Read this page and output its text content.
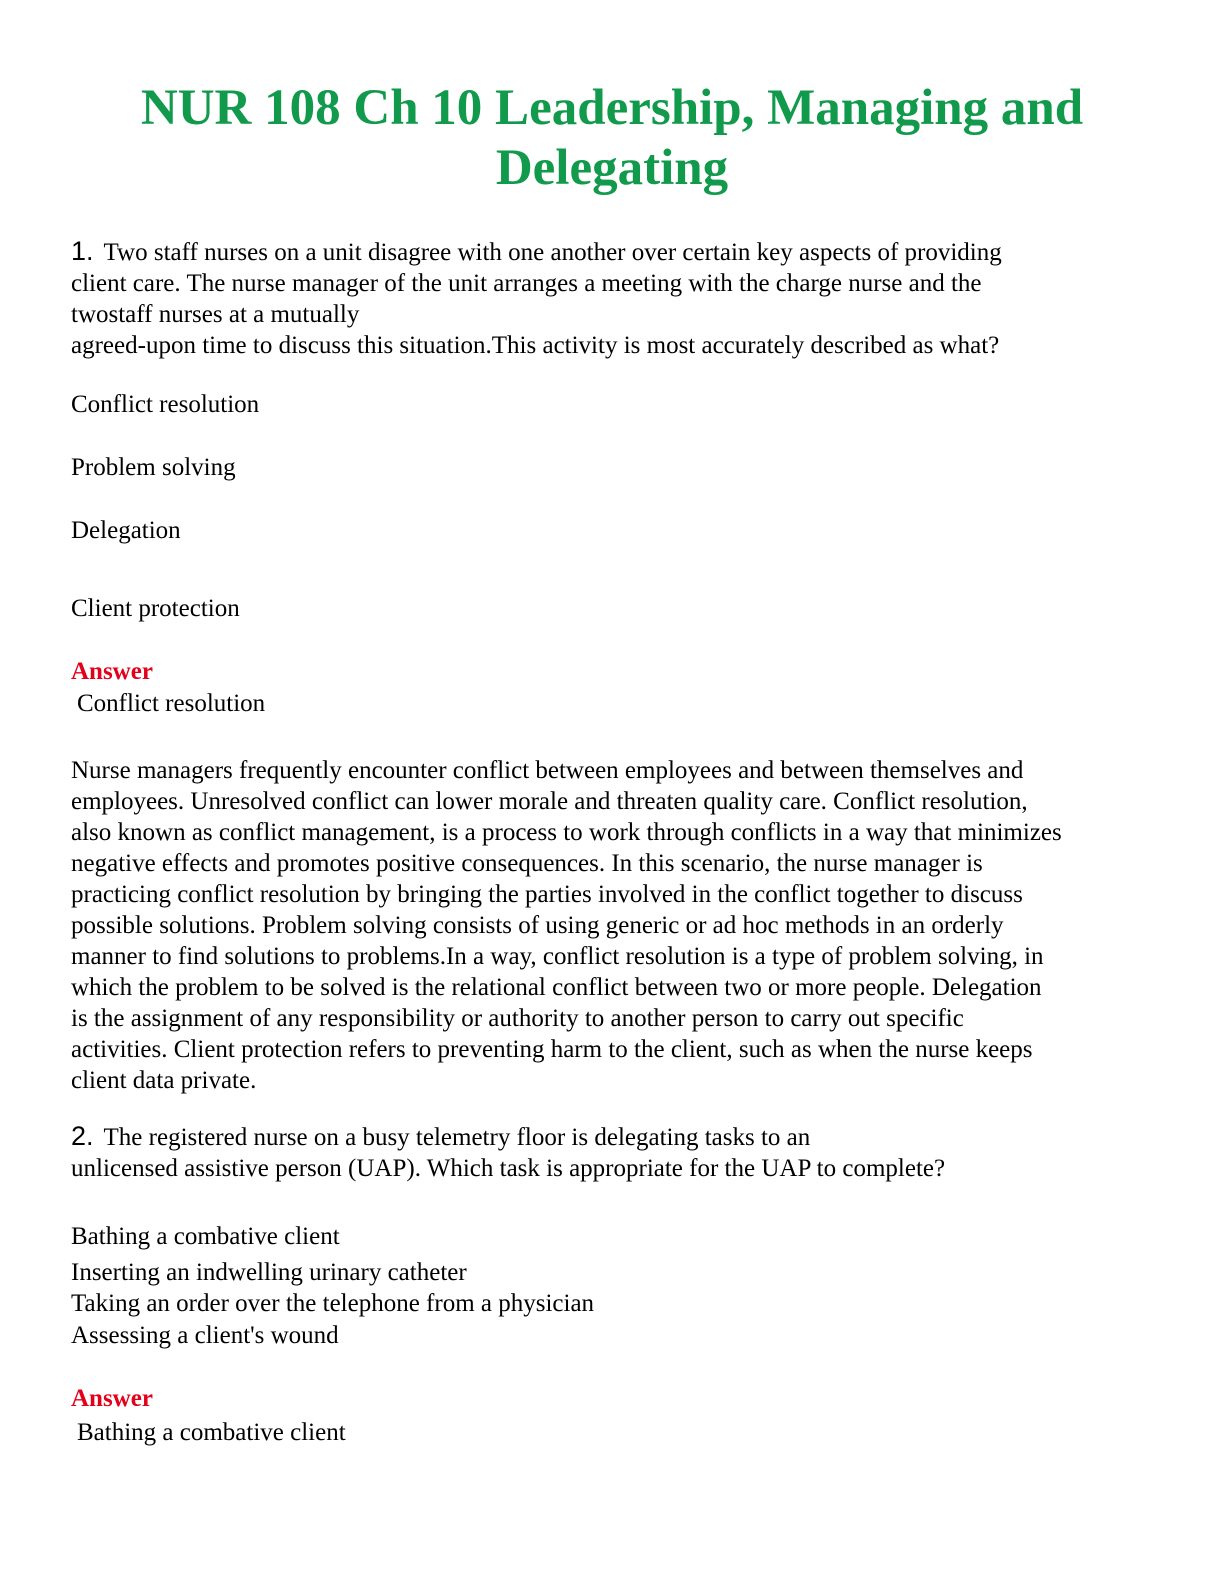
NUR 108 Ch 10 Leadership, Managing and
Delegating
1. Two staff nurses on a unit disagree with one another over certain key aspects of providing
client care. The nurse manager of the unit arranges a meeting with the charge nurse and the
twostaff nurses at a mutually
agreed-upon time to discuss this situation.This activity is most accurately described as what?

Conflict resolution

Problem solving

Delegation

Client protection

Answer

Conflict resolution

Nurse managers frequently encounter conflict between employees and between themselves and
employees. Unresolved conflict can lower morale and threaten quality care. Conflict resolution,
also known as conflict management, is a process to work through conflicts in a way that minimizes
negative effects and promotes positive consequences. In this scenario, the nurse manager is
practicing conflict resolution by bringing the parties involved in the conflict together to discuss
possible solutions. Problem solving consists of using generic or ad hoc methods in an orderly
manner to find solutions to problems.In a way, conflict resolution is a type of problem solving, in
which the problem to be solved is the relational conflict between two or more people. Delegation
is the assignment of any responsibility or authority to another person to carry out specific
activities. Client protection refers to preventing harm to the client, such as when the nurse keeps
client data private.
2. The registered nurse on a busy telemetry floor is delegating tasks to an
unlicensed assistive person (UAP). Which task is appropriate for the UAP to complete?

Bathing a combative client

Inserting an indwelling urinary catheter

Taking an order over the telephone from a physician

Assessing a client's wound

Answer

Bathing a combative client
